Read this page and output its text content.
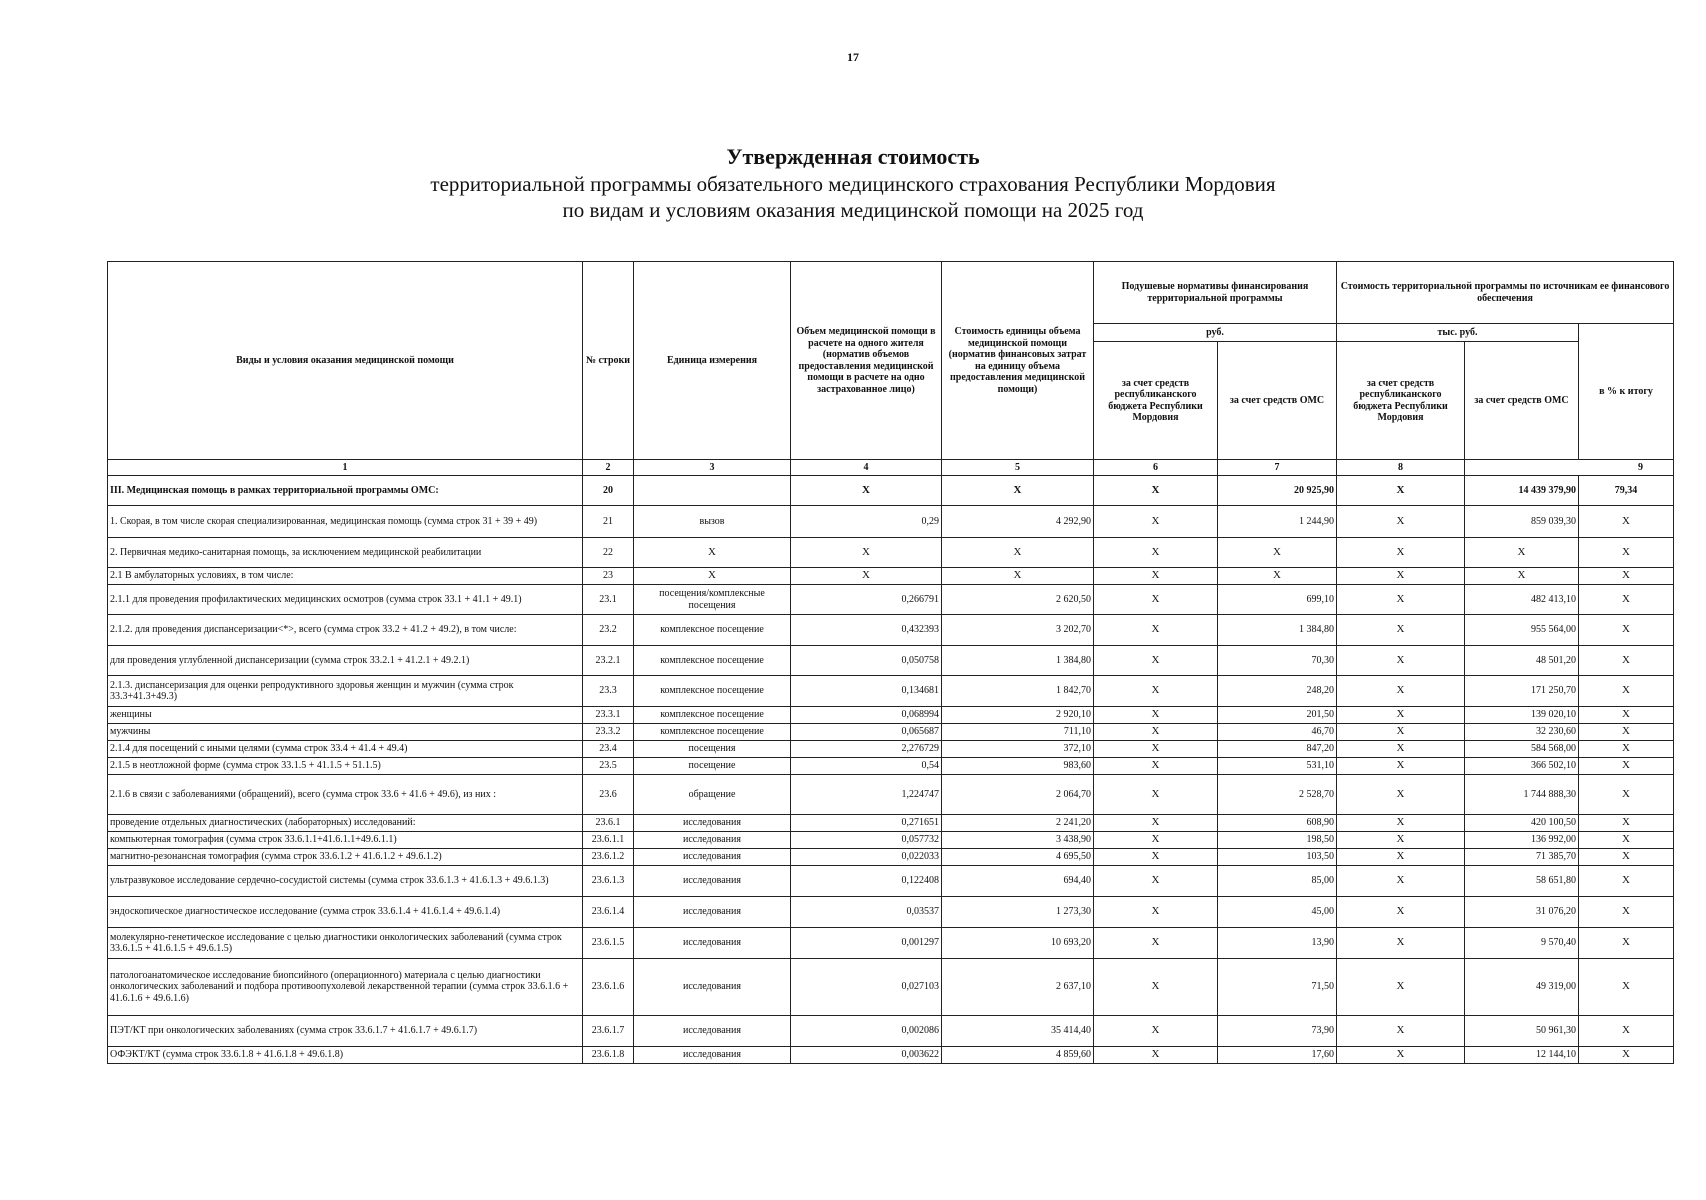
17
Утвержденная стоимость
территориальной программы обязательного медицинского страхования Республики Мордовия
по видам и условиям оказания медицинской помощи на 2025 год
Виды и условия оказания медицинской помощи	№ строки	Единица измерения	Объем медицинской помощи в расчете на одного жителя (норматив объемов предоставления медицинской помощи в расчете на одно застрахованное лицо)	Стоимость единицы объема медицинской помощи (норматив финансовых затрат на единицу объема предоставления медицинской помощи)	Подушевые нормативы финансирования территориальной программы		Стоимость территориальной программы по источникам ее финансового обеспечения		
					руб.		тыс. руб.		в % к итогу
					за счет средств республиканского бюджета Республики Мордовия	за счет средств ОМС	за счет средств республиканского бюджета Республики Мордовия	за счет средств ОМС	
1	2	3	4	5	6	7	8	9	
III. Медицинская помощь в рамках территориальной программы ОМС:	20		X	X	X	20 925,90	X	14 439 379,90	79,34
1. Скорая, в том числе скорая специализированная, медицинская помощь (сумма строк 31 + 39 + 49)	21	вызов	0,29	4 292,90	X	1 244,90	X	859 039,30	X
2. Первичная медико-санитарная помощь, за исключением медицинской реабилитации	22	X	X	X	X	X	X	X	X
2.1 В амбулаторных условиях, в том числе:	23	X	X	X	X	X	X	X	X
2.1.1 для проведения профилактических медицинских осмотров (сумма строк 33.1 + 41.1 + 49.1)	23.1	посещения/комплексные посещения	0,266791	2 620,50	X	699,10	X	482 413,10	X
2.1.2. для проведения диспансеризации<*>, всего (сумма строк 33.2 + 41.2 + 49.2), в том числе:	23.2	комплексное посещение	0,432393	3 202,70	X	1 384,80	X	955 564,00	X
для проведения углубленной диспансеризации (сумма строк 33.2.1 + 41.2.1 + 49.2.1)	23.2.1	комплексное посещение	0,050758	1 384,80	X	70,30	X	48 501,20	X
2.1.3. диспансеризация для оценки репродуктивного здоровья женщин и мужчин (сумма строк 33.3+41.3+49.3)	23.3	комплексное посещение	0,134681	1 842,70	X	248,20	X	171 250,70	X
женщины	23.3.1	комплексное посещение	0,068994	2 920,10	X	201,50	X	139 020,10	X
мужчины	23.3.2	комплексное посещение	0,065687	711,10	X	46,70	X	32 230,60	X
2.1.4 для посещений с иными целями (сумма строк 33.4 + 41.4 + 49.4)	23.4	посещения	2,276729	372,10	X	847,20	X	584 568,00	X
2.1.5 в неотложной форме (сумма строк 33.1.5 + 41.1.5 + 51.1.5)	23.5	посещение	0,54	983,60	X	531,10	X	366 502,10	X
2.1.6 в связи с заболеваниями (обращений), всего (сумма строк 33.6 + 41.6 + 49.6), из них :	23.6	обращение	1,224747	2 064,70	X	2 528,70	X	1 744 888,30	X
проведение отдельных диагностических (лабораторных) исследований:	23.6.1	исследования	0,271651	2 241,20	X	608,90	X	420 100,50	X
компьютерная томография (сумма строк 33.6.1.1+41.6.1.1+49.6.1.1)	23.6.1.1	исследования	0,057732	3 438,90	X	198,50	X	136 992,00	X
магнитно-резонансная томография (сумма строк 33.6.1.2 + 41.6.1.2 + 49.6.1.2)	23.6.1.2	исследования	0,022033	4 695,50	X	103,50	X	71 385,70	X
ультразвуковое исследование сердечно-сосудистой системы (сумма строк 33.6.1.3 + 41.6.1.3 + 49.6.1.3)	23.6.1.3	исследования	0,122408	694,40	X	85,00	X	58 651,80	X
эндоскопическое диагностическое исследование (сумма строк 33.6.1.4 + 41.6.1.4 + 49.6.1.4)	23.6.1.4	исследования	0,03537	1 273,30	X	45,00	X	31 076,20	X
молекулярно-генетическое исследование с целью диагностики онкологических заболеваний (сумма строк 33.6.1.5 + 41.6.1.5 + 49.6.1.5)	23.6.1.5	исследования	0,001297	10 693,20	X	13,90	X	9 570,40	X
патологоанатомическое исследование биопсийного (операционного) материала с целью диагностики онкологических заболеваний и подбора противоопухолевой лекарственной терапии (сумма строк 33.6.1.6 + 41.6.1.6 + 49.6.1.6)	23.6.1.6	исследования	0,027103	2 637,10	X	71,50	X	49 319,00	X
ПЭТ/КТ при онкологических заболеваниях (сумма строк 33.6.1.7 + 41.6.1.7 + 49.6.1.7)	23.6.1.7	исследования	0,002086	35 414,40	X	73,90	X	50 961,30	X
ОФЭКТ/КТ (сумма строк 33.6.1.8 + 41.6.1.8 + 49.6.1.8)	23.6.1.8	исследования	0,003622	4 859,60	X	17,60	X	12 144,10	X
